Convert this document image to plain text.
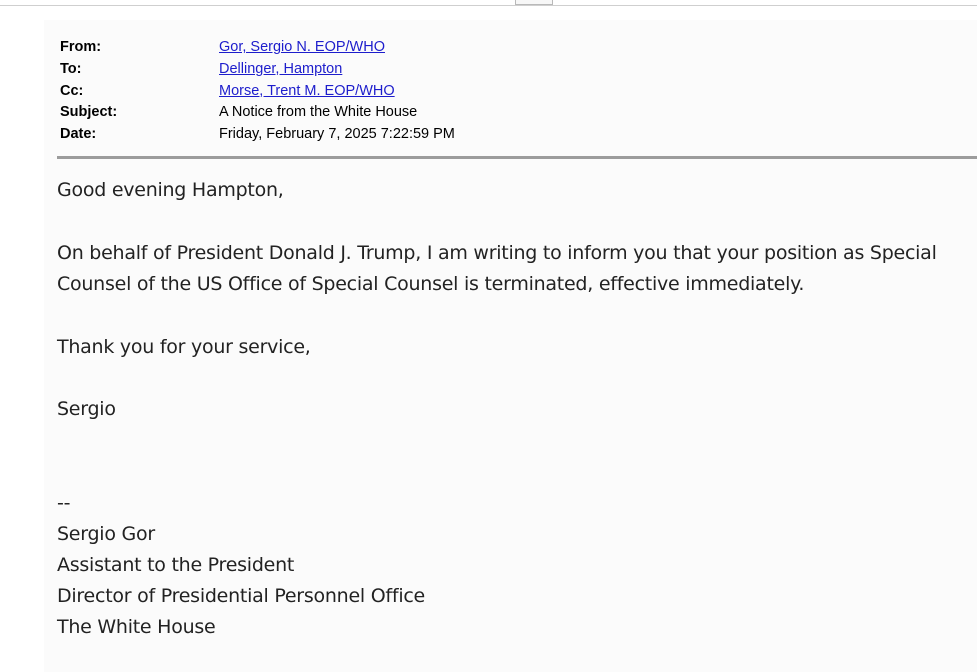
From:	Gor, Sergio N. EOP/WHO
To:	Dellinger, Hampton
Cc:	Morse, Trent M. EOP/WHO
Subject:	A Notice from the White House
Date:	Friday, February 7, 2025 7:22:59 PM
Good evening Hampton,
On behalf of President Donald J. Trump, I am writing to inform you that your position as Special Counsel of the US Office of Special Counsel is terminated, effective immediately.
Thank you for your service,
Sergio
--
Sergio Gor
Assistant to the President
Director of Presidential Personnel Office
The White House
